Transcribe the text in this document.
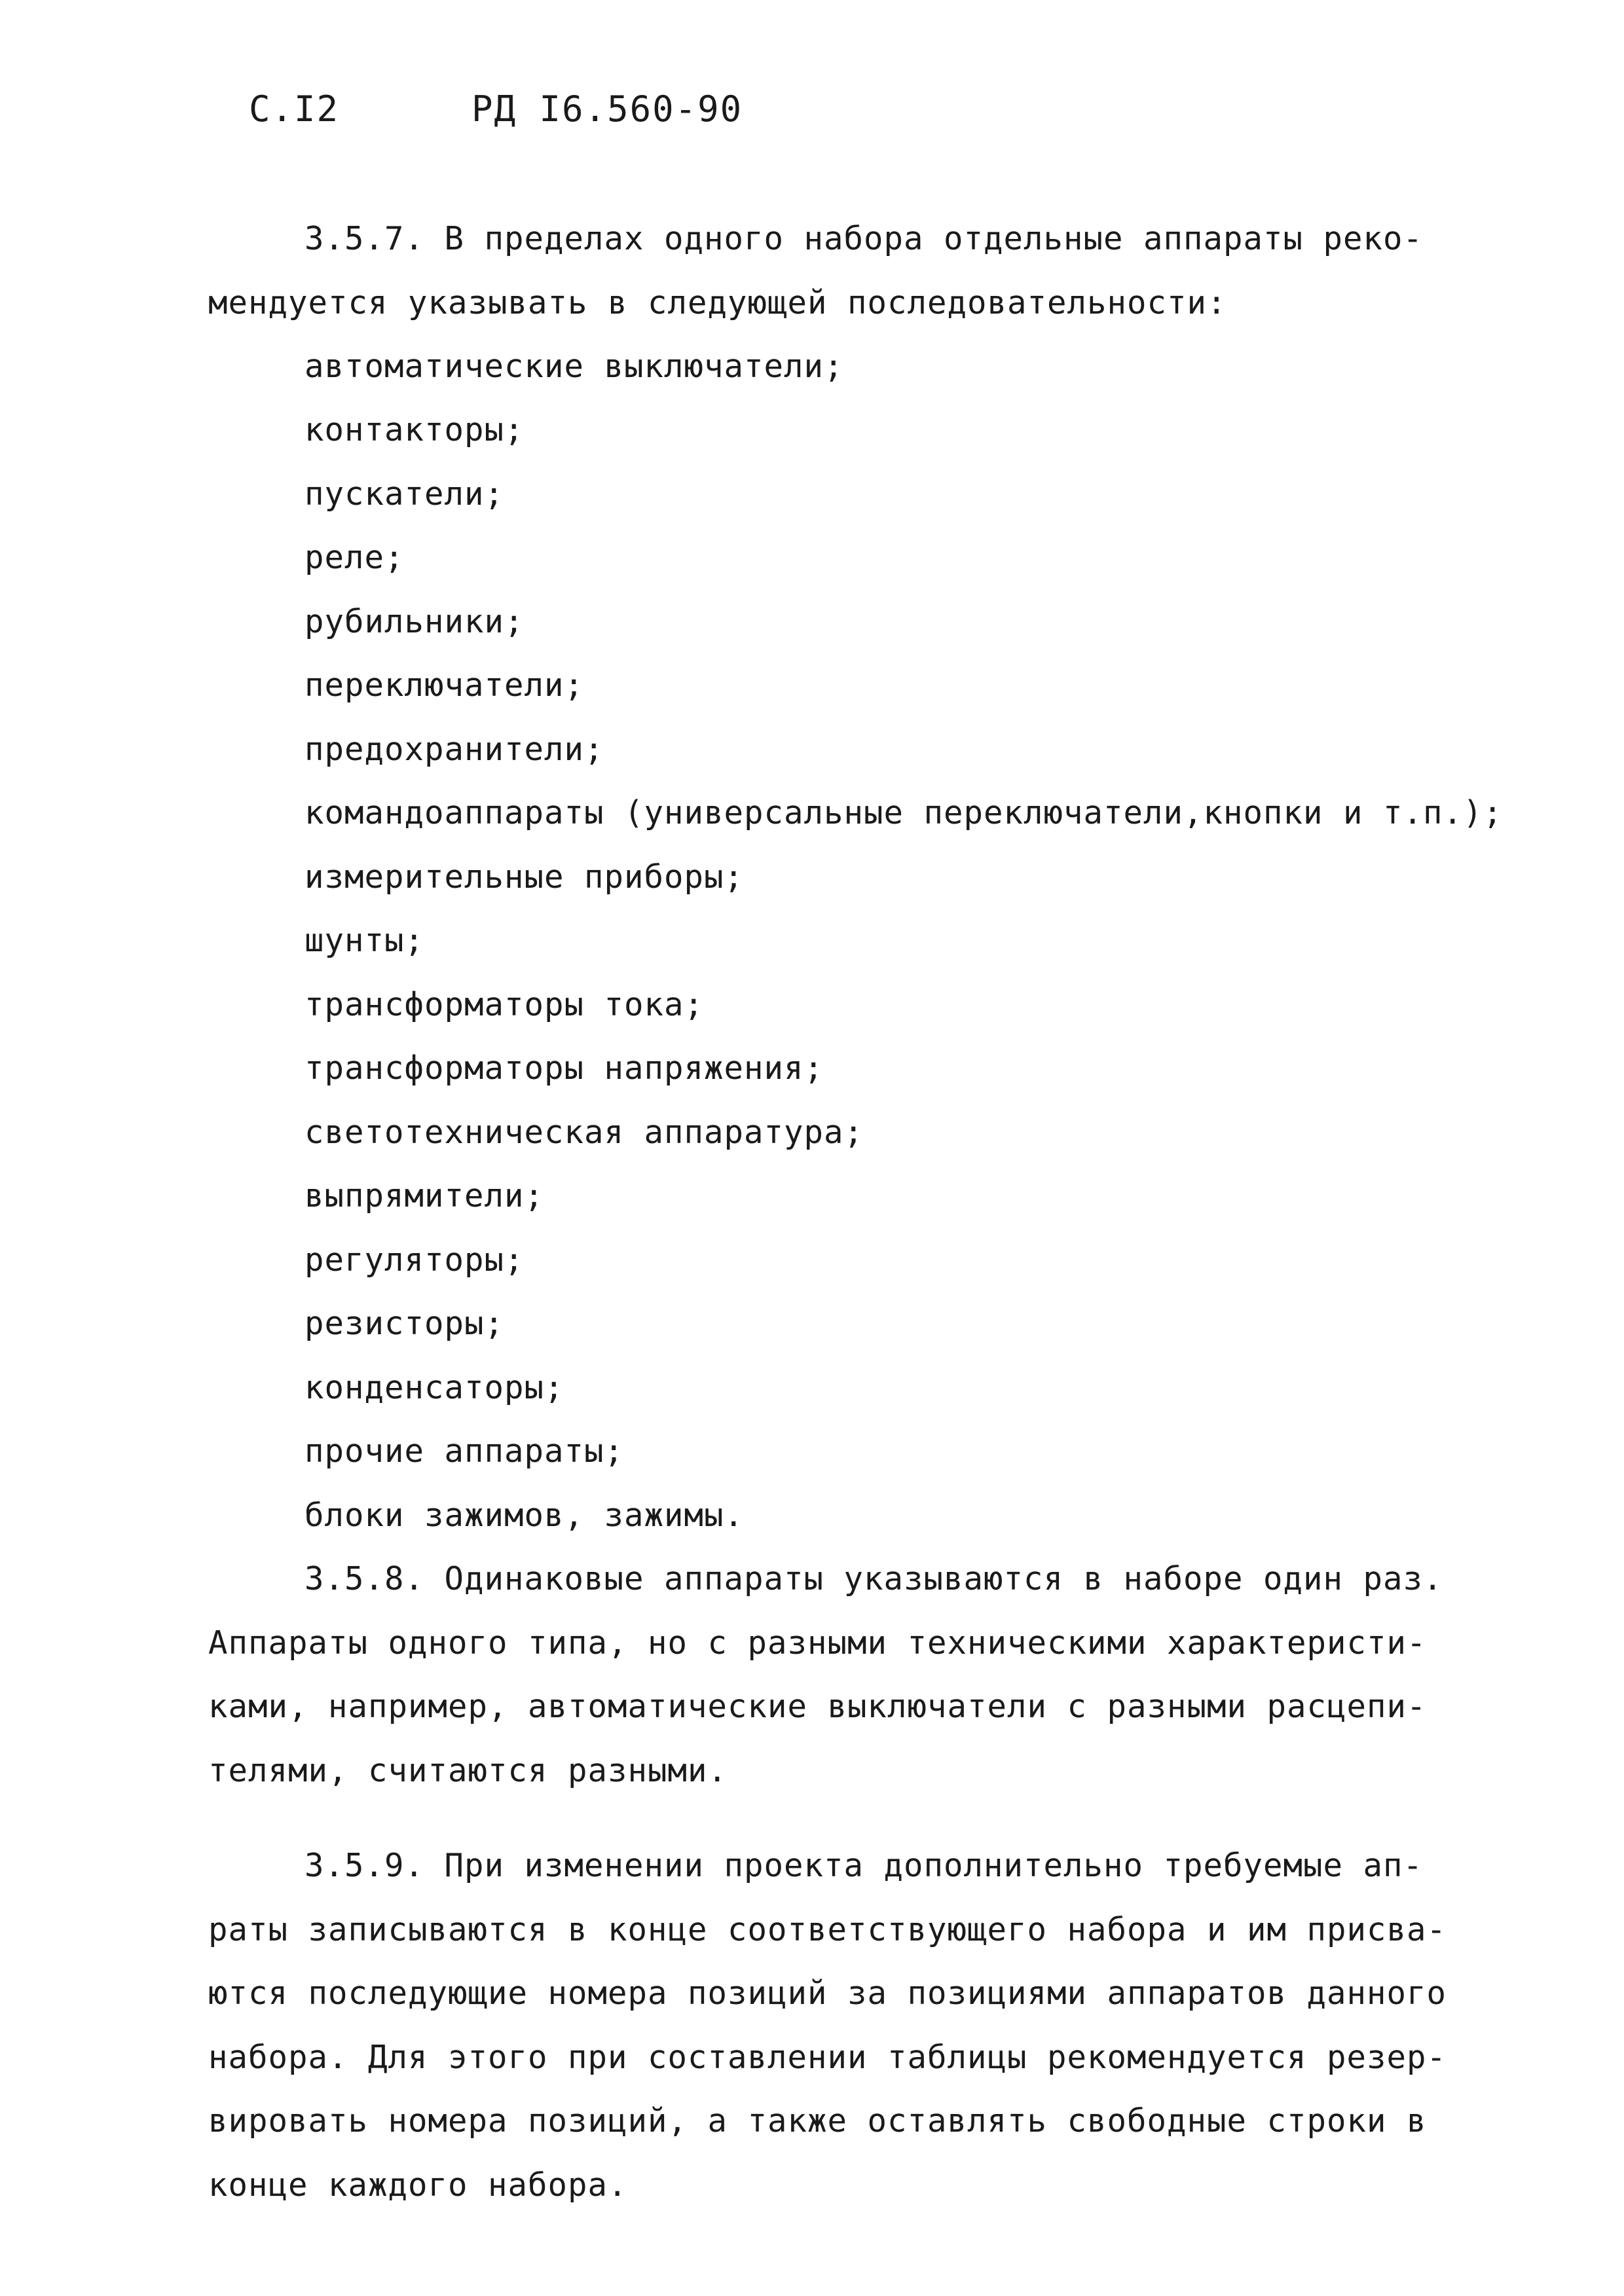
С.I2	РД I6.560-90
3.5.7. В пределах одного набора отдельные аппараты реко-
мендуется указывать в следующей последовательности:
автоматические выключатели;
контакторы;
пускатели;
реле;
рубильники;
переключатели;
предохранители;
командоаппараты (универсальные переключатели,кнопки и т.п.);
измерительные приборы;
шунты;
трансформаторы тока;
трансформаторы напряжения;
светотехническая аппаратура;
выпрямители;
регуляторы;
резисторы;
конденсаторы;
прочие аппараты;
блоки зажимов, зажимы.
3.5.8. Одинаковые аппараты указываются в наборе один раз.
Аппараты одного типа, но с разными техническими характеристи-
ками, например, автоматические выключатели с разными расцепи-
телями, считаются разными.
3.5.9. При изменении проекта дополнительно требуемые ап-
раты записываются в конце соответствующего набора и им присва-
ются последующие номера позиций за позициями аппаратов данного
набора. Для этого при составлении таблицы рекомендуется резер-
вировать номера позиций, а также оставлять свободные строки в
конце каждого набора.
